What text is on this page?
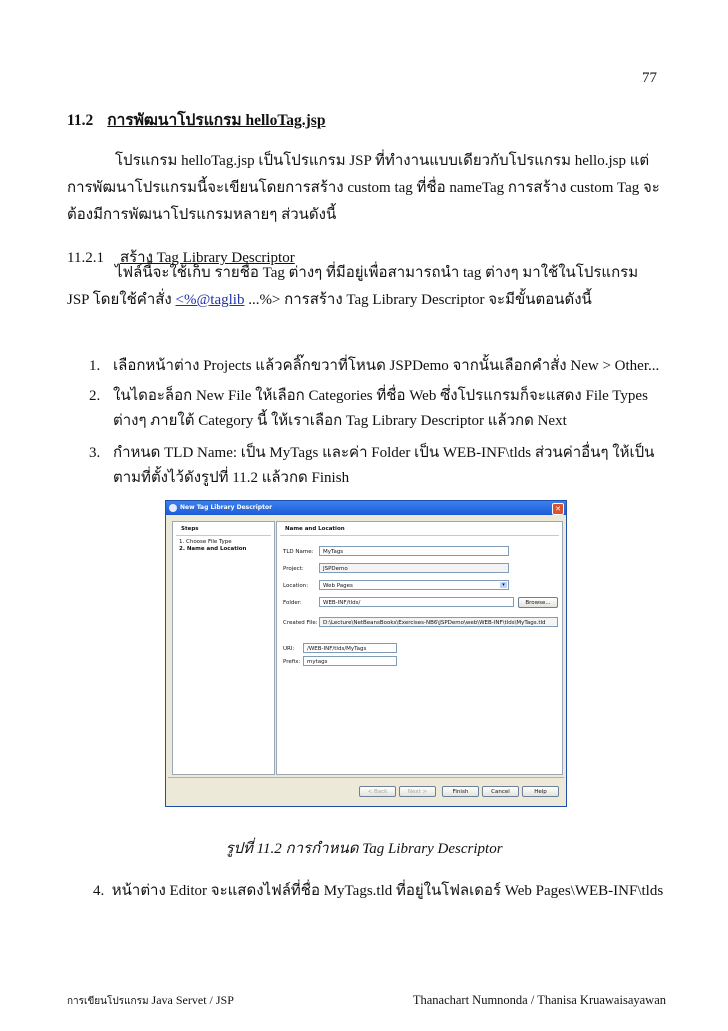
77
11.2 การพัฒนาโปรแกรม helloTag.jsp
โปรแกรม helloTag.jsp เป็นโปรแกรม JSP ที่ทำงานแบบเดียวกับโปรแกรม hello.jsp แต่การพัฒนาโปรแกรมนี้จะเขียนโดยการสร้าง custom tag ที่ชื่อ nameTag การสร้าง custom Tag จะต้องมีการพัฒนาโปรแกรมหลายๆ ส่วนดังนี้
11.2.1 สร้าง Tag Library Descriptor
ไฟล์นี้จะใช้เก็บ รายชื่อ Tag ต่างๆ ที่มีอยู่เพื่อสามารถนำ tag ต่างๆ มาใช้ในโปรแกรม JSP โดยใช้คำสั่ง <%@taglib ...%> การสร้าง Tag Library Descriptor จะมีขั้นตอนดังนี้
1. เลือกหน้าต่าง Projects แล้วคลิ๊กขวาที่โหนด JSPDemo จากนั้นเลือกคำสั่ง New > Other...
2. ในไดอะล็อก New File ให้เลือก Categories ที่ชื่อ Web ซึ่งโปรแกรมก็จะแสดง File Types ต่างๆ ภายใต้ Category นี้ ให้เราเลือก Tag Library Descriptor แล้วกด Next
3. กำหนด TLD Name: เป็น MyTags และค่า Folder เป็น WEB-INF\tlds ส่วนค่าอื่นๆ ให้เป็นตามที่ตั้งไว้ดังรูปที่ 11.2 แล้วกด Finish
New Tag Library Descriptor	✕
Steps
1. Choose File Type
2. Name and Location
Name and Location
TLD Name:	MyTags
Project:	JSPDemo
Location:	Web Pages	▾
Folder:	WEB-INF/tlds/	Browse...
Created File: D:\Lecture\NetBeansBooks\Exercises-NB6\JSPDemo\web\WEB-INF\tlds\MyTags.tld
URI:	/WEB-INF/tlds/MyTags
Prefix:	mytags
< Back	Next >	Finish	Cancel	Help
รูปที่ 11.2 การกำหนด Tag Library Descriptor
4. หน้าต่าง Editor จะแสดงไฟล์ที่ชื่อ MyTags.tld ที่อยู่ในโฟลเดอร์ Web Pages\WEB-INF\tlds
การเขียนโปรแกรม Java Servet / JSP	Thanachart Numnonda / Thanisa Kruawaisayawan
